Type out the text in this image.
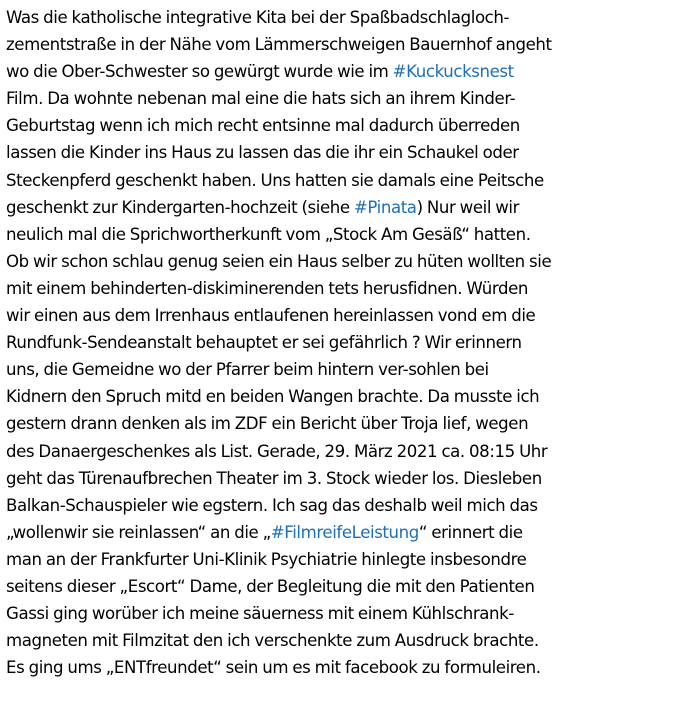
Was die katholische integrative Kita bei der Spaßbadschlagloch-
zementstraße in der Nähe vom Lämmerschweigen Bauernhof angeht
wo die Ober-Schwester so gewürgt wurde wie im #Kuckucksnest
Film. Da wohnte nebenan mal eine die hats sich an ihrem Kinder-
Geburtstag wenn ich mich recht entsinne mal dadurch überreden
lassen die Kinder ins Haus zu lassen das die ihr ein Schaukel oder
Steckenpferd geschenkt haben. Uns hatten sie damals eine Peitsche
geschenkt zur Kindergarten-hochzeit (siehe #Pinata) Nur weil wir
neulich mal die Sprichwortherkunft vom „Stock Am Gesäß“ hatten.
Ob wir schon schlau genug seien ein Haus selber zu hüten wollten sie
mit einem behinderten-diskiminerenden tets herusfidnen. Würden
wir einen aus dem Irrenhaus entlaufenen hereinlassen vond em die
Rundfunk-Sendeanstalt behauptet er sei gefährlich ? Wir erinnern
uns, die Gemeidne wo der Pfarrer beim hintern ver-sohlen bei
Kidnern den Spruch mitd en beiden Wangen brachte. Da musste ich
gestern drann denken als im ZDF ein Bericht über Troja lief, wegen
des Danaergeschenkes als List. Gerade, 29. März 2021 ca. 08:15 Uhr
geht das Türenaufbrechen Theater im 3. Stock wieder los. Diesleben
Balkan-Schauspieler wie egstern. Ich sag das deshalb weil mich das
„wollenwir sie reinlassen“ an die „#FilmreifeLeistung“ erinnert die
man an der Frankfurter Uni-Klinik Psychiatrie hinlegte insbesondre
seitens dieser „Escort“ Dame, der Begleitung die mit den Patienten
Gassi ging worüber ich meine säuerness mit einem Kühlschrank-
magneten mit Filmzitat den ich verschenkte zum Ausdruck brachte.
Es ging ums „ENTfreundet“ sein um es mit facebook zu formuleiren.
